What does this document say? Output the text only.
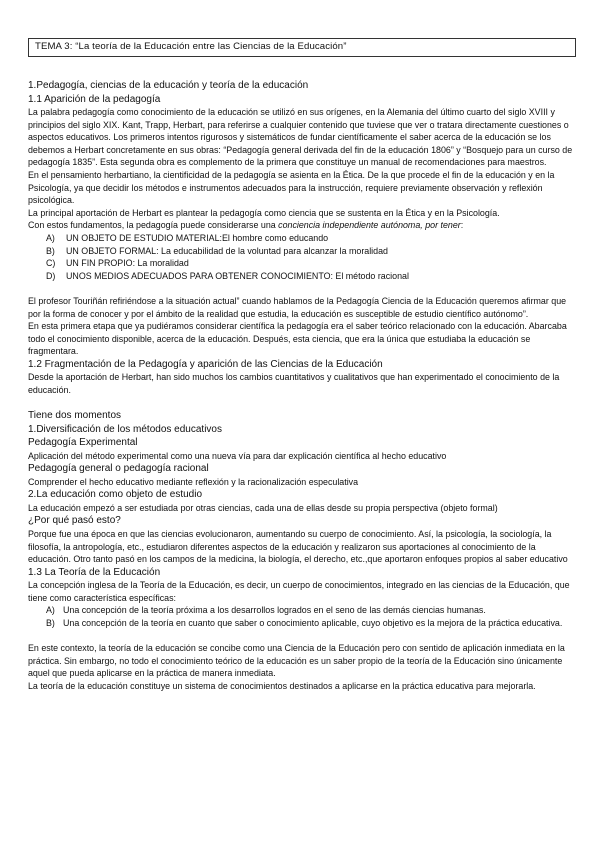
TEMA 3: “La teoría de la Educación entre las Ciencias de la Educación”
1.Pedagogía, ciencias de la educación y teoría de la educación
1.1 Aparición de la pedagogía

La palabra pedagogía como conocimiento de la educación se utilizó en sus orígenes, en la Alemania del último cuarto del siglo XVIII y principios del siglo XIX. Kant, Trapp, Herbart, para referirse a cualquier contenido que tuviese que ver o tratara directamente cuestiones o aspectos educativos. Los primeros intentos rigurosos y sistemáticos de fundar científicamente el saber acerca de la educación se los debemos a Herbart concretamente en sus obras: “Pedagogía general derivada del fin de la educación 1806” y “Bosquejo para un curso de pedagogía 1835”. Esta segunda obra es complemento de la primera que constituye un manual de recomendaciones para maestros.

En el pensamiento herbartiano, la cientificidad de la pedagogía se asienta en la Ética. De la que procede el fin de la educación y en la Psicología, ya que decidir los métodos e instrumentos adecuados para la instrucción, requiere previamente observación y reflexión psicológica.

La principal aportación de Herbart es plantear la pedagogía como ciencia que se sustenta en la Ética y en la Psicología.

Con estos fundamentos, la pedagogía puede considerarse una conciencia independiente autónoma, por tener:

A)	UN OBJETO DE ESTUDIO MATERIAL:El hombre como educando
B)	UN OBJETO FORMAL: La educabilidad de la voluntad para alcanzar la moralidad
C)	UN FIN PROPIO: La moralidad
D)	UNOS MEDIOS ADECUADOS PARA OBTENER CONOCIMIENTO: El método racional

El profesor Touriñán refiriéndose a la situación actual” cuando hablamos de la Pedagogía Ciencia de la Educación queremos afirmar que por la forma de conocer y por el ámbito de la realidad que estudia, la educación es susceptible de estudio científico autónomo”.

En esta primera etapa que ya pudiéramos considerar científica la pedagogía era el saber teórico relacionado con la educación. Abarcaba todo el conocimiento disponible, acerca de la educación. Después, esta ciencia, que era la única que estudiaba la educación se fragmentara.

1.2 Fragmentación de la Pedagogía y aparición de las Ciencias de la Educación

Desde la aportación de Herbart, han sido muchos los cambios cuantitativos y cualitativos que han experimentado el conocimiento de la educación.

Tiene dos momentos
1.Diversificación de los métodos educativos
Pedagogía Experimental

Aplicación del método experimental como una nueva vía para dar explicación científica al hecho educativo

Pedagogía general o pedagogía racional

Comprender el hecho educativo mediante reflexión y la racionalización especulativa

2.La educación como objeto de estudio

La educación empezó a ser estudiada por otras ciencias, cada una de ellas desde su propia perspectiva (objeto formal)

¿Por qué pasó esto?

Porque fue una época en que las ciencias evolucionaron, aumentando su cuerpo de conocimiento. Así, la psicología, la sociología, la filosofía, la antropología, etc., estudiaron diferentes aspectos de la educación y realizaron sus aportaciones al conocimiento de la educación. Otro tanto pasó en los campos de la medicina, la biología, el derecho, etc.,que aportaron enfoques propios al saber educativo

1.3 La Teoría de la Educación

La concepción inglesa de la Teoría de la Educación, es decir, un cuerpo de conocimientos, integrado en las ciencias de la Educación, que tiene como característica específicas:

A) Una concepción de la teoría próxima a los desarrollos logrados en el seno de las demás ciencias humanas.
B) Una concepción de la teoría en cuanto que saber o conocimiento aplicable, cuyo objetivo es la mejora de la práctica educativa.

En este contexto, la teoría de la educación se concibe como una Ciencia de la Educación pero con sentido de aplicación inmediata en la práctica. Sin embargo, no todo el conocimiento teórico de la educación es un saber propio de la teoría de la Educación sino únicamente aquel que pueda aplicarse en la práctica de manera inmediata.

La teoría de la educación constituye un sistema de conocimientos destinados a aplicarse en la práctica educativa para mejorarla.
